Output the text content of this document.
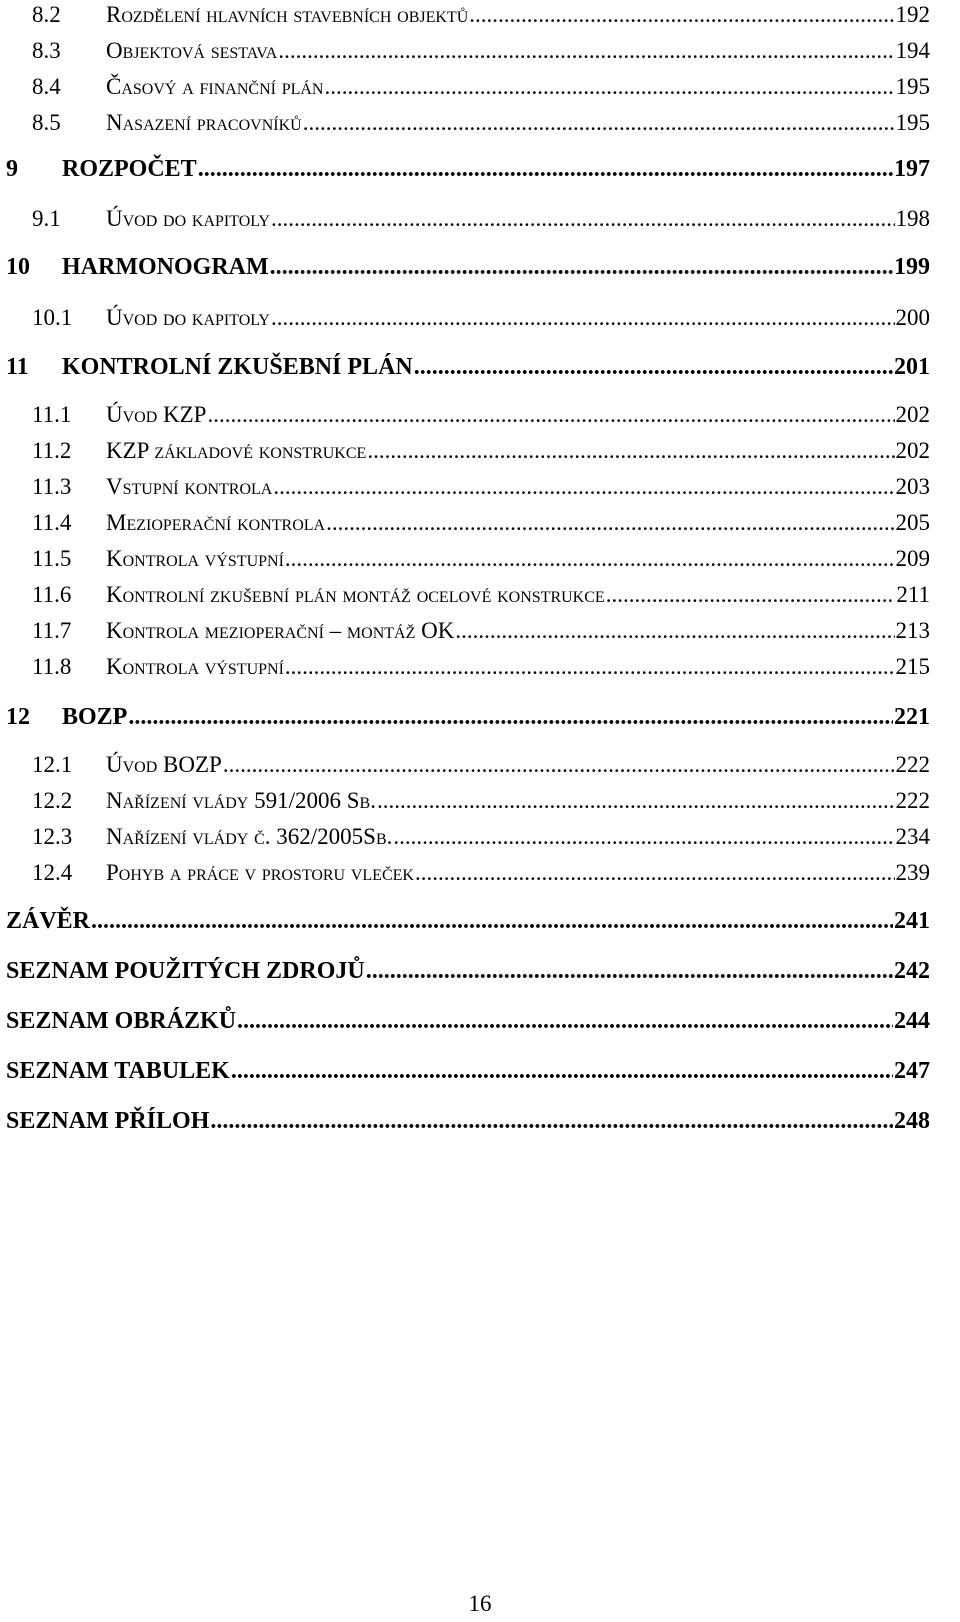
8.2	Rozdělení hlavních stavebních objektů .....	192
8.3	Objektová sestava .....	194
8.4	Časový a finanční plán .....	195
8.5	Nasazení pracovníků .....	195
9	ROZPOČET .....	197
9.1	Úvod do kapitoly .....	198
10	HARMONOGRAM .....	199
10.1	Úvod do kapitoly .....	200
11	KONTROLNÍ ZKUŠEBNÍ PLÁN .....	201
11.1	Úvod KZP .....	202
11.2	KZP základové konstrukce .....	202
11.3	Vstupní kontrola .....	203
11.4	Mezioperační kontrola .....	205
11.5	Kontrola výstupní .....	209
11.6	Kontrolní zkušební plán montáž ocelové konstrukce .....	211
11.7	Kontrola mezioperační – montáž OK .....	213
11.8	Kontrola výstupní .....	215
12	BOZP .....	221
12.1	Úvod BOZP .....	222
12.2	Nařízení vlády 591/2006 Sb. .....	222
12.3	Nařízení vlády č. 362/2005Sb. .....	234
12.4	Pohyb a práce v prostoru vleček .....	239
ZÁVĚR .....	241
SEZNAM POUŽITÝCH ZDROJŮ .....	242
SEZNAM OBRÁZKŮ .....	244
SEZNAM TABULEK .....	247
SEZNAM PŘÍLOH .....	248
16
